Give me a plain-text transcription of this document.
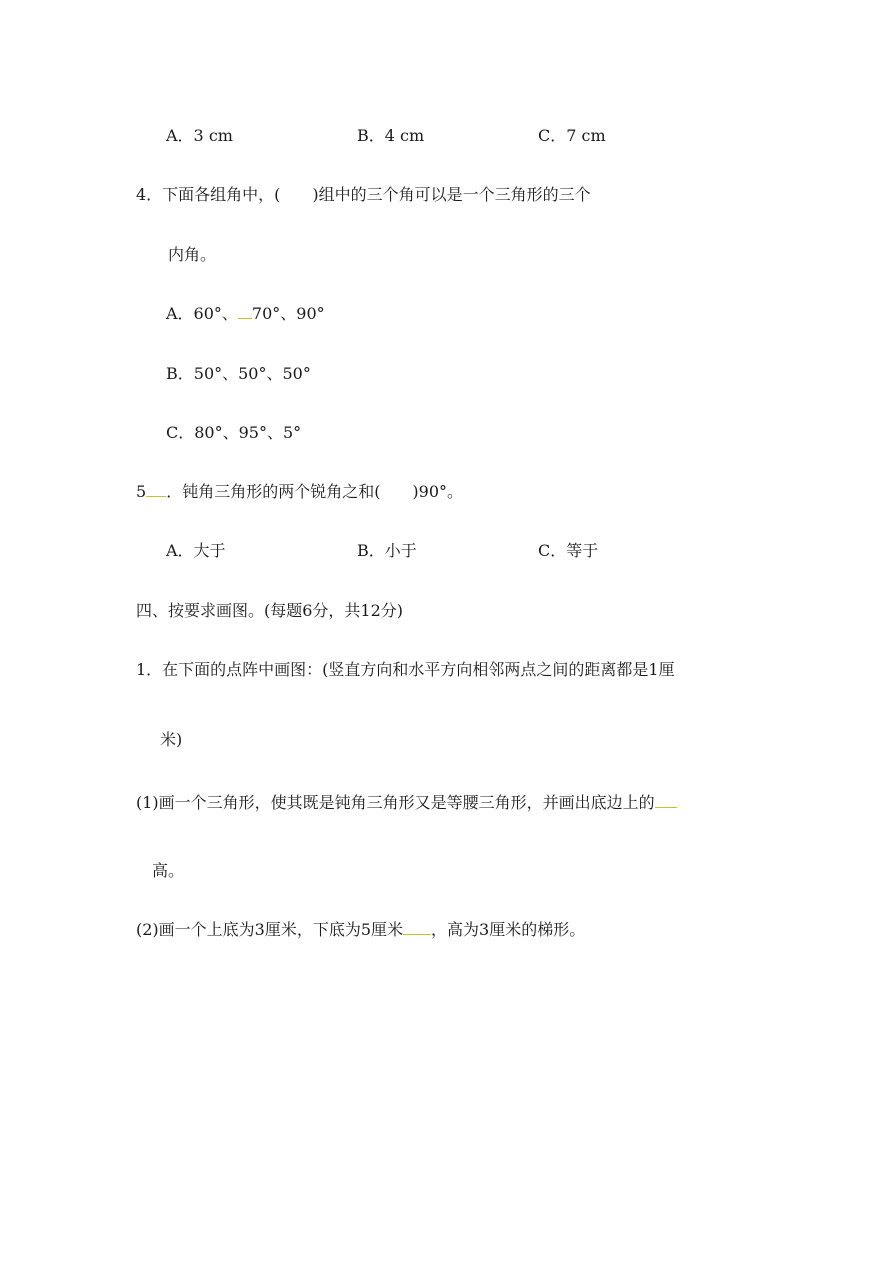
A．3 cm	B．4 cm	C．7 cm
4．下面各组角中，(　　)组中的三个角可以是一个三角形的三个
内角。
A．60°、 70°、90°
B．50°、50°、50°
C．80°、95°、5°
5 ．钝角三角形的两个锐角之和(　　)90°。
A．大于	B．小于	C．等于
四、按要求画图。(每题6分，共12分)
1．在下面的点阵中画图：(竖直方向和水平方向相邻两点之间的距离都是1厘
米)
(1)画一个三角形，使其既是钝角三角形又是等腰三角形，并画出底边上的
高。
(2)画一个上底为3厘米，下底为5厘米 ，高为3厘米的梯形。
